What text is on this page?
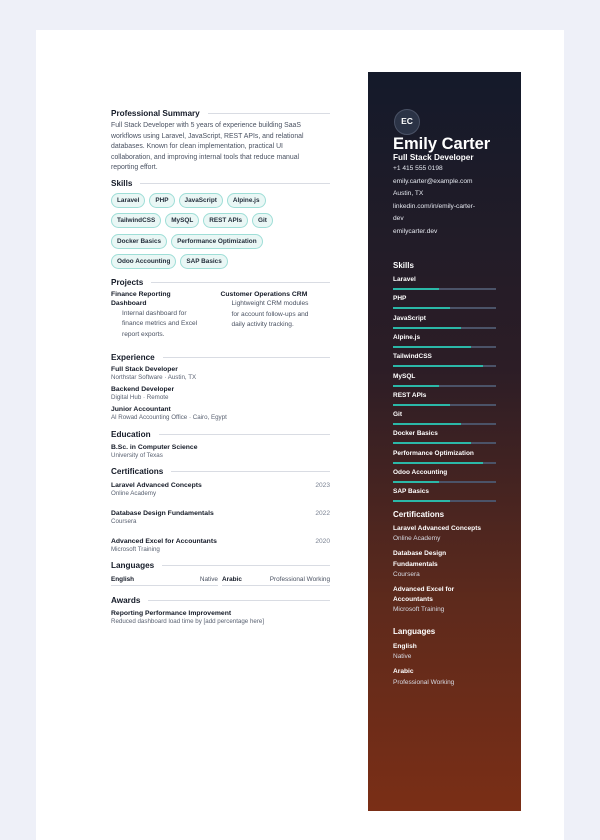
Professional Summary
Full Stack Developer with 5 years of experience building SaaS
workflows using Laravel, JavaScript, REST APIs, and relational
databases. Known for clean implementation, practical UI
collaboration, and improving internal tools that reduce manual
reporting effort.
Skills
Laravel	PHP	JavaScript	Alpine.js
TailwindCSS	MySQL	REST APIs	Git
Docker Basics	Performance Optimization
Odoo Accounting	SAP Basics
Projects
Finance Reporting
Dashboard
Internal dashboard for
finance metrics and Excel
report exports.
Customer Operations CRM
Lightweight CRM modules
for account follow-ups and
daily activity tracking.
Experience
Full Stack Developer
Northstar Software · Austin, TX
Backend Developer
Digital Hub · Remote
Junior Accountant
Al Rowad Accounting Office · Cairo, Egypt
Education
B.Sc. in Computer Science
University of Texas
Certifications
Laravel Advanced Concepts	2023
Online Academy
Database Design Fundamentals	2022
Coursera
Advanced Excel for Accountants	2020
Microsoft Training
Languages
English	Native Arabic	Professional Working
Awards
Reporting Performance Improvement
Reduced dashboard load time by [add percentage here]
EC
Emily Carter
Full Stack Developer
+1 415 555 0198
emily.carter@example.com
Austin, TX
linkedin.com/in/emily-carter-
dev
emilycarter.dev
Skills
Laravel
PHP
JavaScript
Alpine.js
TailwindCSS
MySQL
REST APIs
Git
Docker Basics
Performance Optimization
Odoo Accounting
SAP Basics
Certifications
Laravel Advanced Concepts
Online Academy
Database Design
Fundamentals
Coursera
Advanced Excel for
Accountants
Microsoft Training
Languages
English
Native
Arabic
Professional Working
